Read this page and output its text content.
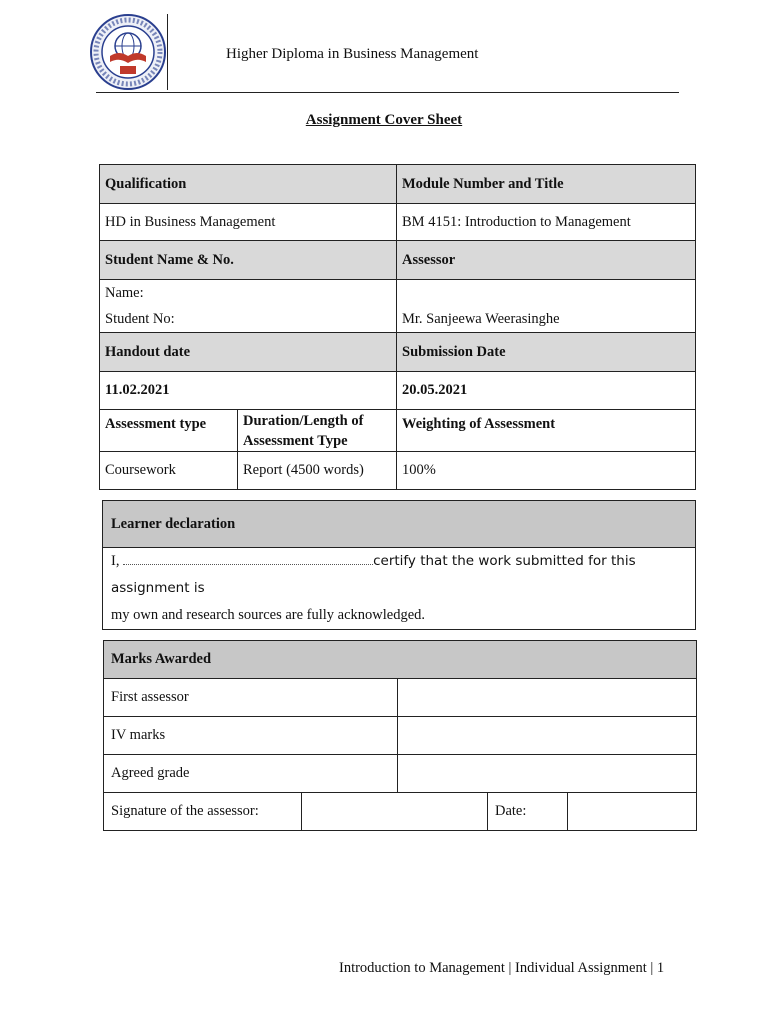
Higher Diploma in Business Management
Assignment Cover Sheet
Qualification		Module Number and Title
HD in Business Management		BM 4151: Introduction to Management
Student Name & No.		Assessor

Name:
Student No:		Mr. Sanjeewa Weerasinghe
Handout date		Submission Date
11.02.2021		20.05.2021
Assessment type	Duration/Length of Assessment Type	Weighting of Assessment
Coursework	Report (4500 words)	100%
Learner declaration

I,	certify that the work submitted for this assignment is
my own and research sources are fully acknowledged.
Marks Awarded				
First assessor				
IV marks				
Agreed grade				
Signature of the assessor:			Date:	
Introduction to Management | Individual Assignment | 1
